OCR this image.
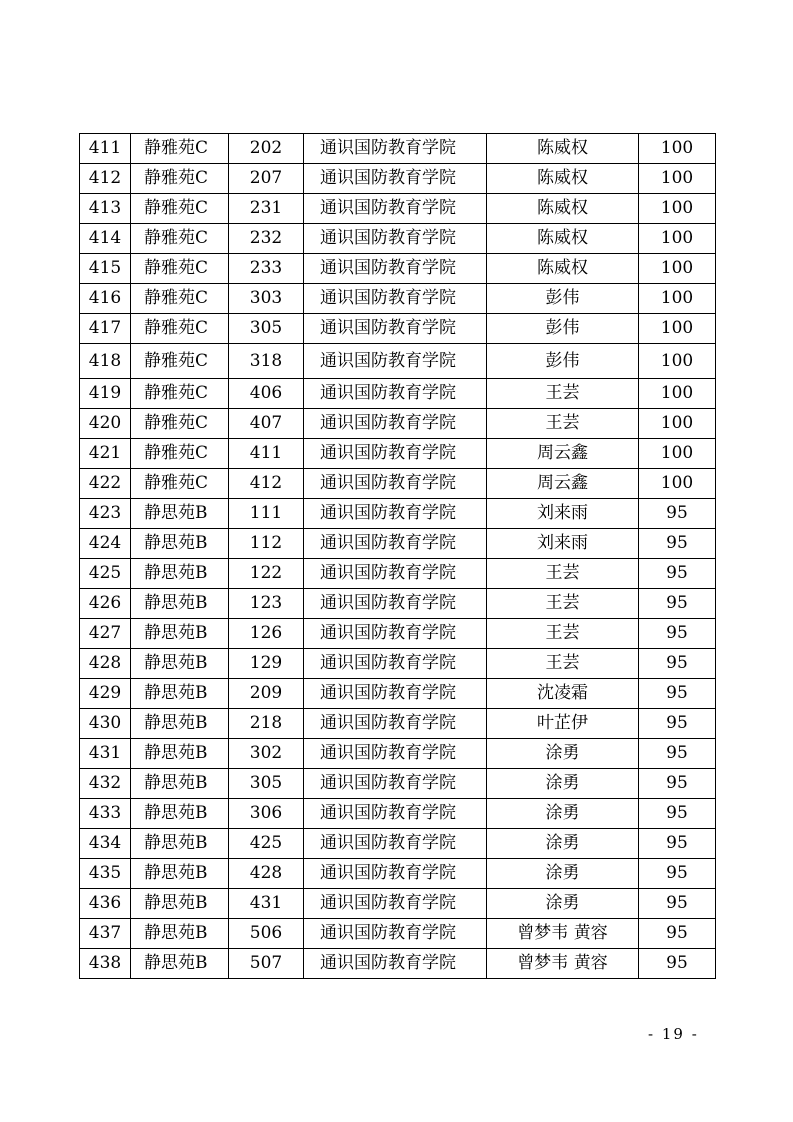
411	静雅苑C	202	通识国防教育学院	陈威权	100
412	静雅苑C	207	通识国防教育学院	陈威权	100
413	静雅苑C	231	通识国防教育学院	陈威权	100
414	静雅苑C	232	通识国防教育学院	陈威权	100
415	静雅苑C	233	通识国防教育学院	陈威权	100
416	静雅苑C	303	通识国防教育学院	彭伟	100
417	静雅苑C	305	通识国防教育学院	彭伟	100
418	静雅苑C	318	通识国防教育学院	彭伟	100
419	静雅苑C	406	通识国防教育学院	王芸	100
420	静雅苑C	407	通识国防教育学院	王芸	100
421	静雅苑C	411	通识国防教育学院	周云鑫	100
422	静雅苑C	412	通识国防教育学院	周云鑫	100
423	静思苑B	111	通识国防教育学院	刘来雨	95
424	静思苑B	112	通识国防教育学院	刘来雨	95
425	静思苑B	122	通识国防教育学院	王芸	95
426	静思苑B	123	通识国防教育学院	王芸	95
427	静思苑B	126	通识国防教育学院	王芸	95
428	静思苑B	129	通识国防教育学院	王芸	95
429	静思苑B	209	通识国防教育学院	沈凌霜	95
430	静思苑B	218	通识国防教育学院	叶芷伊	95
431	静思苑B	302	通识国防教育学院	涂勇	95
432	静思苑B	305	通识国防教育学院	涂勇	95
433	静思苑B	306	通识国防教育学院	涂勇	95
434	静思苑B	425	通识国防教育学院	涂勇	95
435	静思苑B	428	通识国防教育学院	涂勇	95
436	静思苑B	431	通识国防教育学院	涂勇	95
437	静思苑B	506	通识国防教育学院	曾梦韦 黄容	95
438	静思苑B	507	通识国防教育学院	曾梦韦 黄容	95
- 19 -
